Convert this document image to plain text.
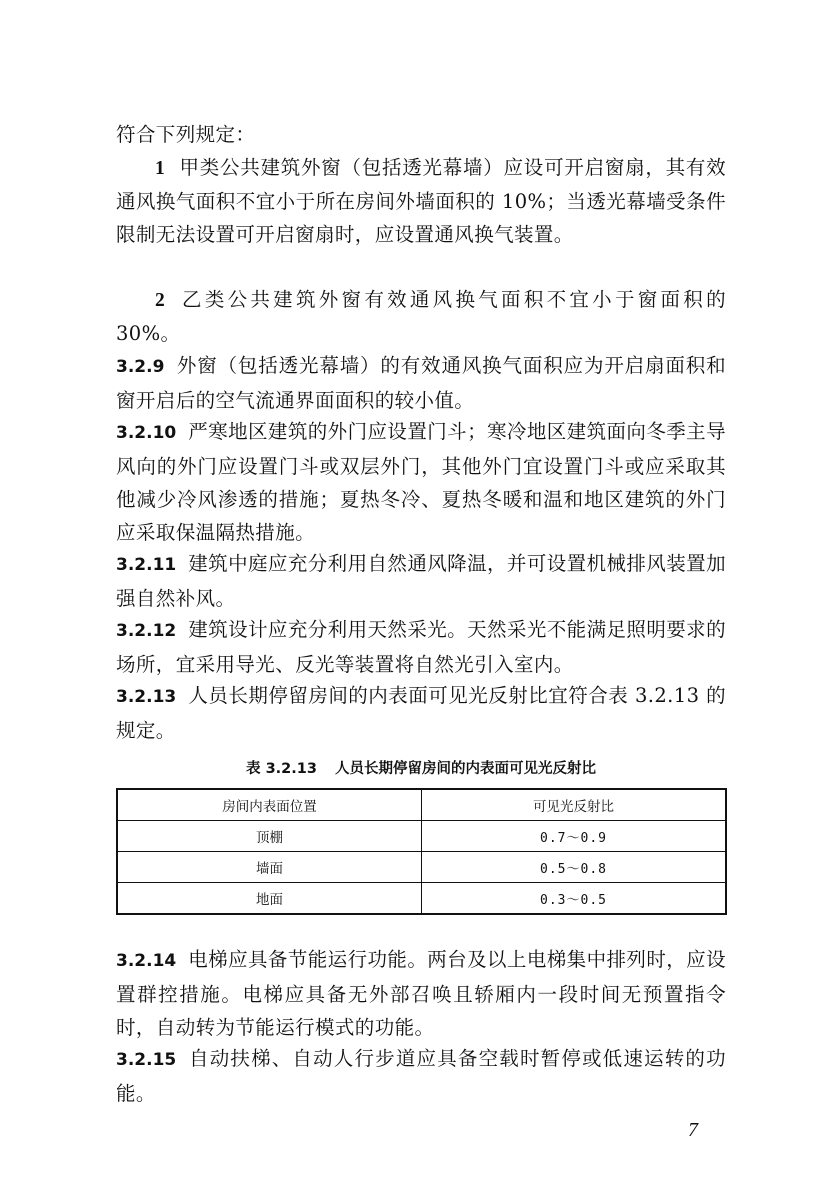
符合下列规定：

1 甲类公共建筑外窗（包括透光幕墙）应设可开启窗扇，其有效通风换气面积不宜小于所在房间外墙面积的 10%；当透光幕墙受条件限制无法设置可开启窗扇时，应设置通风换气装置。

2 乙类公共建筑外窗有效通风换气面积不宜小于窗面积的 30%。

3.2.9 外窗（包括透光幕墙）的有效通风换气面积应为开启扇面积和窗开启后的空气流通界面面积的较小值。

3.2.10 严寒地区建筑的外门应设置门斗；寒冷地区建筑面向冬季主导风向的外门应设置门斗或双层外门，其他外门宜设置门斗或应采取其他减少冷风渗透的措施；夏热冬冷、夏热冬暖和温和地区建筑的外门应采取保温隔热措施。

3.2.11 建筑中庭应充分利用自然通风降温，并可设置机械排风装置加强自然补风。

3.2.12 建筑设计应充分利用天然采光。天然采光不能满足照明要求的场所，宜采用导光、反光等装置将自然光引入室内。

3.2.13 人员长期停留房间的内表面可见光反射比宜符合表 3.2.13 的规定。

表 3.2.13 人员长期停留房间的内表面可见光反射比

房间内表面位置	可见光反射比
顶棚	0.7～0.9
墙面	0.5～0.8
地面	0.3～0.5

3.2.14 电梯应具备节能运行功能。两台及以上电梯集中排列时，应设置群控措施。电梯应具备无外部召唤且轿厢内一段时间无预置指令时，自动转为节能运行模式的功能。

3.2.15 自动扶梯、自动人行步道应具备空载时暂停或低速运转的功能。

7
